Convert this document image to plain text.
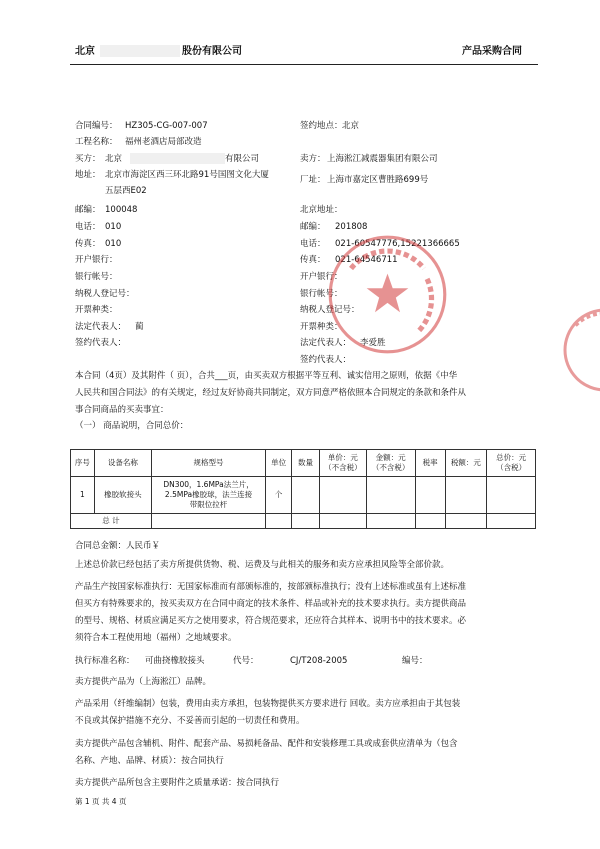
北京	股份有限公司	产品采购合同
合同编号： HZ305-CG-007-007	签约地点： 北京
工程名称： 福州老酒店局部改造
买方： 北京	有限公司	卖方： 上海淞江减震器集团有限公司
地址： 北京市海淀区西三环北路91号国图文化大厦	厂址： 上海市嘉定区曹胜路699号
五层西E02
邮编： 100048	北京地址：
电话： 010	邮编： 201808
传真： 010	电话： 021-60547776,15221366665
开户银行：	传真： 021-64546711
银行帐号：	开户银行：
纳税人登记号：	银行帐号：
开票种类：	纳税人登记号：
法定代表人： 蔺	开票种类：
签约代表人：	法定代表人： 李爱胜
签约代表人：
本合同（4页）及其附件（ 页），合共___页，由买卖双方根据平等互利、诚实信用之原则，依据《中华
人民共和国合同法》的有关规定，经过友好协商共同制定，双方同意严格依照本合同规定的条款和条件从
事合同商品的买卖事宜：
（一） 商品说明，合同总价：
序号	设备名称	规格型号	单位	数量	单价：元（不含税）	金额：元（不含税）	税率	税额：元	总价：元（含税）
1	橡胶软接头	DN300，1.6MPa法兰片，
2.5MPa橡胶球，法兰连接
带限位拉杆	个						
总 计									
合同总金额：人民币￥
上述总价款已经包括了卖方所提供货物、税、运费及与此相关的服务和卖方应承担风险等全部价款。
产品生产按国家标准执行：无国家标准而有部颁标准的，按部颁标准执行；没有上述标准或虽有上述标准
但买方有特殊要求的，按买卖双方在合同中商定的技术条件、样品或补充的技术要求执行。卖方提供商品
的型号、规格、材质应满足买方之使用要求，符合规范要求，还应符合其样本、说明书中的技术要求。必
须符合本工程使用地（福州）之地域要求。
执行标准名称： 可曲挠橡胶接头	代号：	CJ/T208-2005	编号：
卖方提供产品为（上海淞江）品牌。
产品采用（纤维编制）包装，费用由卖方承担，包装物提供买方要求进行 回收。卖方应承担由于其包装
不良或其保护措施不充分、不妥善而引起的一切责任和费用。
卖方提供产品包含辅机、附件、配套产品、易损耗备品、配件和安装修理工具或成套供应清单为（包含
名称、产地、品牌、材质）：按合同执行
卖方提供产品所包含主要附件之质量承诺：按合同执行
第 1 页 共 4 页
